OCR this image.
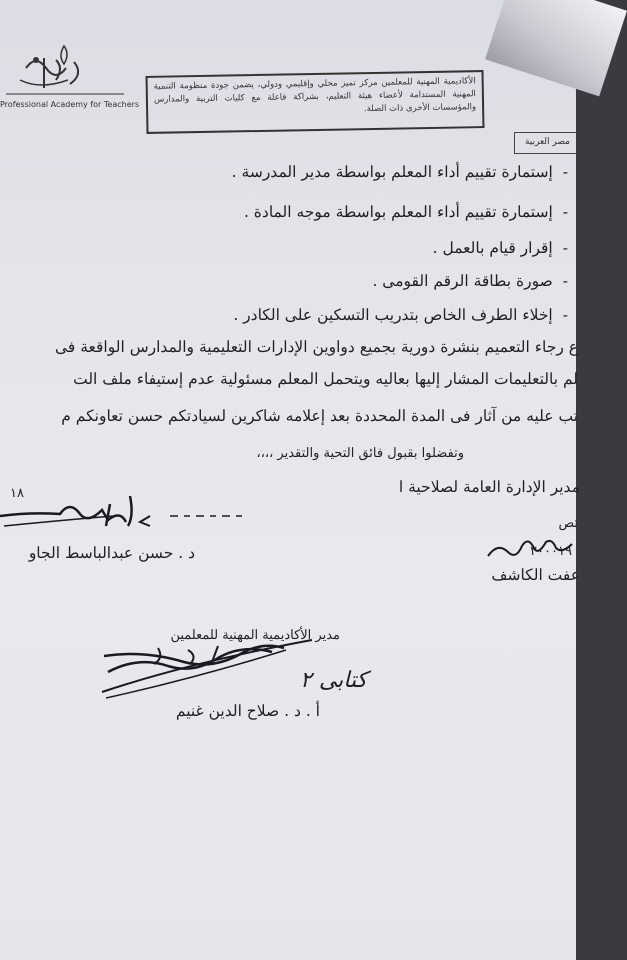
Professional Academy for Teachers
الأكاديمية المهنية للمعلمين مركز تميز محلي وإقليمي ودولي، يضمن جودة منظومة التنمية المهنية المستدامة لأعضاء هيئة التعليم، بشراكة فاعلة مع كليات التربية والمدارس والمؤسسات الأخرى ذات الصلة.
مصر العربية
-إستمارة تقييم أداء المعلم بواسطة مدير المدرسة .
-إستمارة تقييم أداء المعلم بواسطة موجه المادة .
-إقرار قيام بالعمل .
-صورة بطاقة الرقم القومى .
-إخلاء الطرف الخاص بتدريب التسكين على الكادر .
ع رجاء التعميم بنشرة دورية بجميع دواوين الإدارات التعليمية والمدارس الواقعة فى
لم بالتعليمات المشار إليها بعاليه ويتحمل المعلم مسئولية عدم إستيفاء ملف الت
تب عليه من آثار فى المدة المحددة بعد إعلامه شاكرين لسيادتكم حسن تعاونكم م
وتفضلوا بقبول فائق التحية والتقدير ،،،،
مدير الإدارة العامة لصلاحية ا
١٨
د . حسن عبدالباسط الجاو
تص
٢٠٠٠١٩
عفت الكاشف
مدير الأكاديمية المهنية للمعلمين
كتابى ٢
أ . د . صلاح الدين غنيم
